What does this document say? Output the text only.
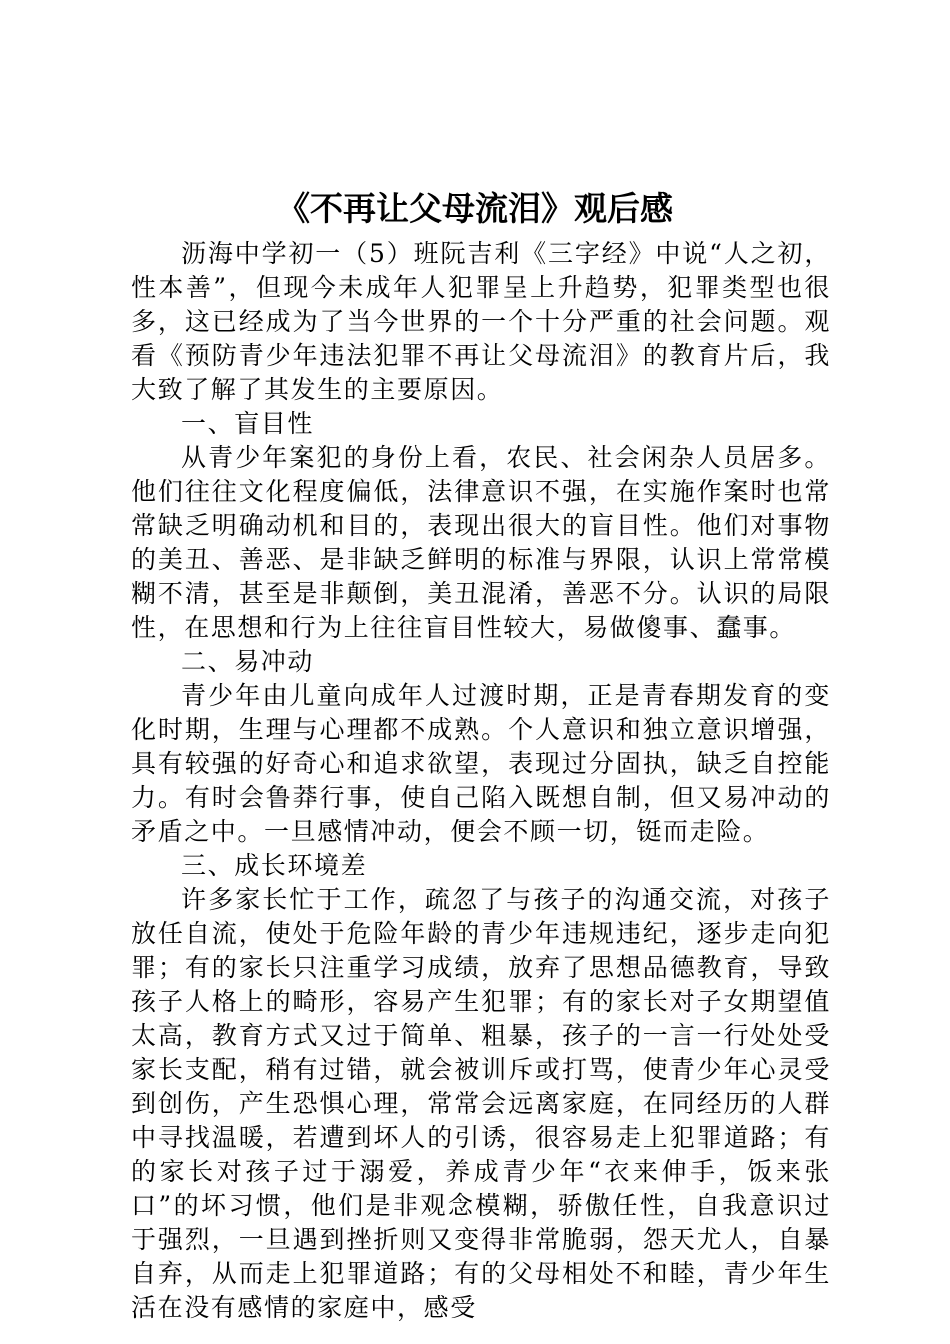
《不再让父母流泪》观后感

沥海中学初一（5）班阮吉利《三字经》中说“人之初，性本善”，但现今未成年人犯罪呈上升趋势，犯罪类型也很多，这已经成为了当今世界的一个十分严重的社会问题。观看《预防青少年违法犯罪不再让父母流泪》的教育片后，我大致了解了其发生的主要原因。

一、盲目性

从青少年案犯的身份上看，农民、社会闲杂人员居多。他们往往文化程度偏低，法律意识不强，在实施作案时也常常缺乏明确动机和目的，表现出很大的盲目性。他们对事物的美丑、善恶、是非缺乏鲜明的标准与界限，认识上常常模糊不清，甚至是非颠倒，美丑混淆，善恶不分。认识的局限性，在思想和行为上往往盲目性较大，易做傻事、蠢事。

二、易冲动

青少年由儿童向成年人过渡时期，正是青春期发育的变化时期，生理与心理都不成熟。个人意识和独立意识增强，具有较强的好奇心和追求欲望，表现过分固执，缺乏自控能力。有时会鲁莽行事，使自己陷入既想自制，但又易冲动的矛盾之中。一旦感情冲动，便会不顾一切，铤而走险。

三、成长环境差

许多家长忙于工作，疏忽了与孩子的沟通交流，对孩子放任自流，使处于危险年龄的青少年违规违纪，逐步走向犯罪；有的家长只注重学习成绩，放弃了思想品德教育，导致孩子人格上的畸形，容易产生犯罪；有的家长对子女期望值太高，教育方式又过于简单、粗暴，孩子的一言一行处处受家长支配，稍有过错，就会被训斥或打骂，使青少年心灵受到创伤，产生恐惧心理，常常会远离家庭，在同经历的人群中寻找温暖，若遭到坏人的引诱，很容易走上犯罪道路；有的家长对孩子过于溺爱，养成青少年“衣来伸手，饭来张口”的坏习惯，他们是非观念模糊，骄傲任性，自我意识过于强烈，一旦遇到挫折则又变得非常脆弱，怨天尤人，自暴自弃，从而走上犯罪道路；有的父母相处不和睦，青少年生活在没有感情的家庭中，感受
